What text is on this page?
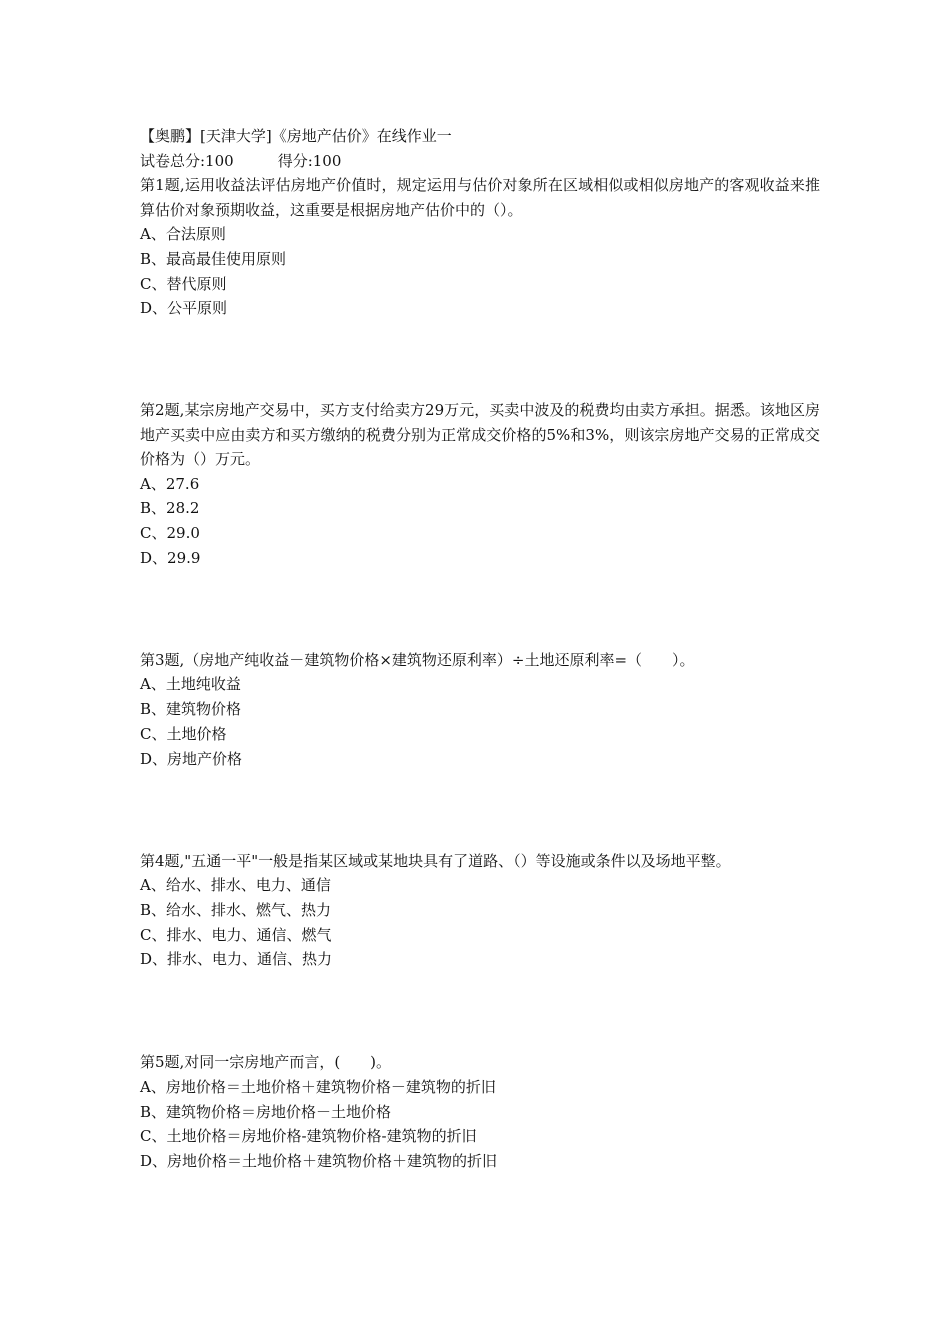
【奥鹏】[天津大学]《房地产估价》在线作业一
试卷总分:100	得分:100
第1题,运用收益法评估房地产价值时，规定运用与估价对象所在区域相似或相似房地产的客观收益来推算估价对象预期收益，这重要是根据房地产估价中的（）。
A、合法原则
B、最高最佳使用原则
C、替代原则
D、公平原则
第2题,某宗房地产交易中，买方支付给卖方29万元，买卖中波及的税费均由卖方承担。据悉。该地区房地产买卖中应由卖方和买方缴纳的税费分别为正常成交价格的5%和3%，则该宗房地产交易的正常成交价格为（）万元。
A、27.6
B、28.2
C、29.0
D、29.9
第3题,（房地产纯收益－建筑物价格×建筑物还原利率）÷土地还原利率=（　　）。
A、土地纯收益
B、建筑物价格
C、土地价格
D、房地产价格
第4题,"五通一平"一般是指某区域或某地块具有了道路、（）等设施或条件以及场地平整。
A、给水、排水、电力、通信
B、给水、排水、燃气、热力
C、排水、电力、通信、燃气
D、排水、电力、通信、热力
第5题,对同一宗房地产而言，(　　)。
A、房地价格＝土地价格＋建筑物价格－建筑物的折旧
B、建筑物价格＝房地价格－土地价格
C、土地价格＝房地价格-建筑物价格-建筑物的折旧
D、房地价格＝土地价格＋建筑物价格＋建筑物的折旧
